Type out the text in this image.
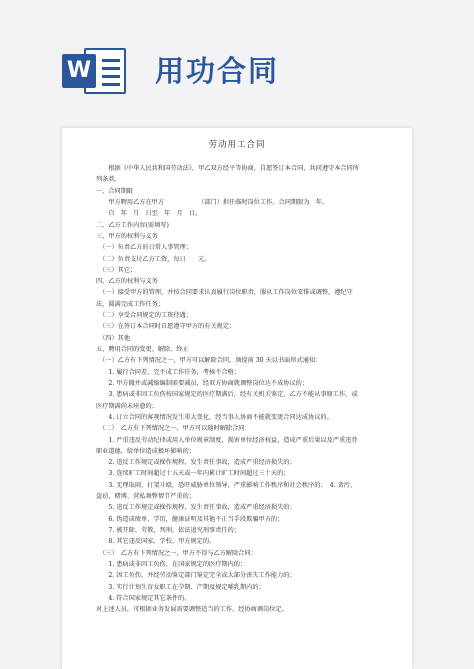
W 用功合同
劳动用工合同
　　根据《中华人民共和国劳动法》，甲乙双方经平等协商，自愿签订本合同，共同遵守本合同所
列条款。
一、合同期限
　　甲方聘用乙方在甲方　　　　　　（部门）担任临时岗位工作。合同期限为　年。
　　自　年　月　日至　年　月　日。
二、乙方工作内容(需填写)
三、甲方的权利与义务
　（一）负责乙方的日常人事管理；
　（二）负责支付乙方工资，每日　　元。
　（三）其它；
四、乙方的权利与义务
　（一）接受甲方的管理，并按合同要求认真履行岗位职责，服从工作岗位安排或调整，遵纪守
法，圆满完成工作任务；
　（二）享受合同规定的工资待遇；
　（三）在签订本合同时自愿遵守甲方的有关规定；
　（四）其他
五、聘用合同的变更、解除、终止
　（一）乙方有下列情况之一，甲方可以解除合同，须提前 30 天以书面形式通知：
　　1. 履行合同差、完不成工作任务，考核不合格；
　　2. 甲方撤并或减缩编制需要减员，经双方协商就调整岗位达不成协议的；
　　3. 患病或非因工负伤按国家规定的医疗期满后，经有关机关鉴定，乙方不能从事原工作，或
医疗期满尚未痊愈的；
　　4. 订立合同的客观情况发生重大变化，经当事人协商不能就变更合同达成协议的。
　（二）　乙方有下列情况之一，甲方可以随时解除合同：
　　1. 严重违反劳动纪律或用人单位规章制度，损害单位经济权益，造成严重后果以及严重违背
职业道德，给单位造成极坏影响的；
　　2. 违反工作规定或操作规程，发生责任事故，造成严重经济损失的；
　　3. 连续旷工时间超过十五天或一年内累计旷工时间超过三十天的；
　　3. 无理取闹、打架斗殴，恐吓威胁单位领导，严重影响工作秩序和社会秩序的；　4. 贪污、
盗窃、赌博、营私舞弊情节严重的；
　　5. 违反工作规定或操作规程，发生责任事故，造成严重经济损失的；
　　6. 伪造成绩单、学历，健康证明及其他不正当手段欺骗甲方的；
　　7. 被开除、劳教、判刑、依法追究刑事责任的；
　　8. 其它违反国家、学校、甲方规定的。
　（三）　乙方有下列情况之一，甲方不得与乙方解除合同：
　　1. 患病或非因工负伤，在国家规定的医疗期内的；
　　2. 因工负伤，并经劳动鉴定部门鉴定完全或大部分丧失工作能力的；
　　3. 实行计划生育女职工在孕期、产期及规定哺乳期内的；
　　4. 符合国家规定其它条件的。
对上述人员，可根据业务发展需要调整适当的工作，经协商调岗位定。
